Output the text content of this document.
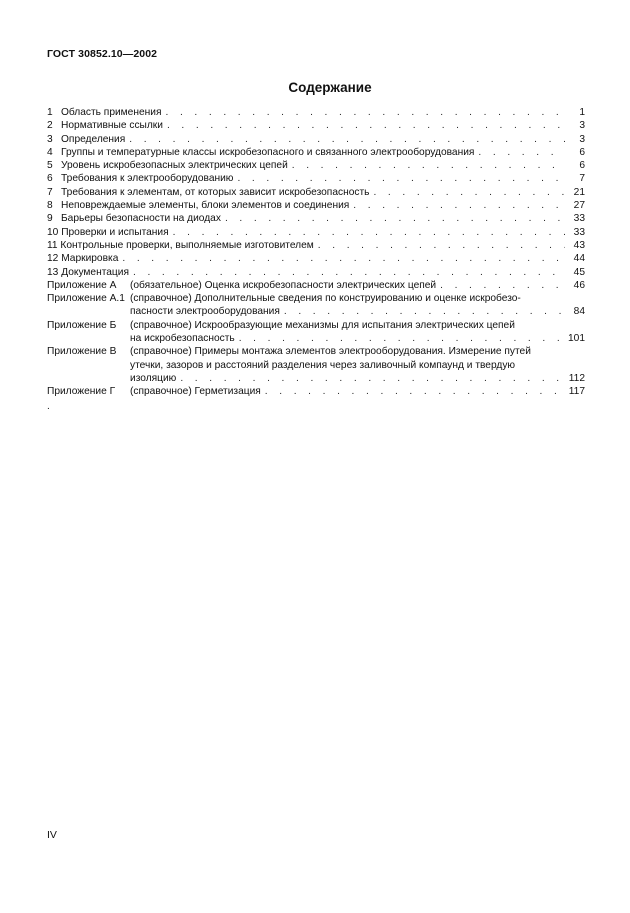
ГОСТ 30852.10—2002
Содержание
1 Область применения . . .	1
2 Нормативные ссылки . . .	3
3 Определения . . .	3
4 Группы и температурные классы искробезопасного и связанного электрооборудования . . .	6
5 Уровень искробезопасных электрических цепей . . .	6
6 Требования к электрооборудованию . . .	7
7 Требования к элементам, от которых зависит искробезопасность . . .	21
8 Неповреждаемые элементы, блоки элементов и соединения . . .	27
9 Барьеры безопасности на диодах . . .	33
10 Проверки и испытания . . .	33
11 Контрольные проверки, выполняемые изготовителем . . .	43
12 Маркировка . . .	44
13 Документация . . .	45
Приложение А	(обязательное) Оценка искробезопасности электрических цепей . . .	46
Приложение А.1 (справочное) Дополнительные сведения по конструированию и оценке искробезо-
пасности электрооборудования . . .	84
Приложение Б	(справочное) Искрообразующие механизмы для испытания электрических цепей
на искробезопасность . . .	101
Приложение В	(справочное) Примеры монтажа элементов электрооборудования. Измерение путей
утечки, зазоров и расстояний разделения через заливочный компаунд и твердую
изоляцию . . .	112
Приложение Г	(справочное) Герметизация . . .	117
.
IV
